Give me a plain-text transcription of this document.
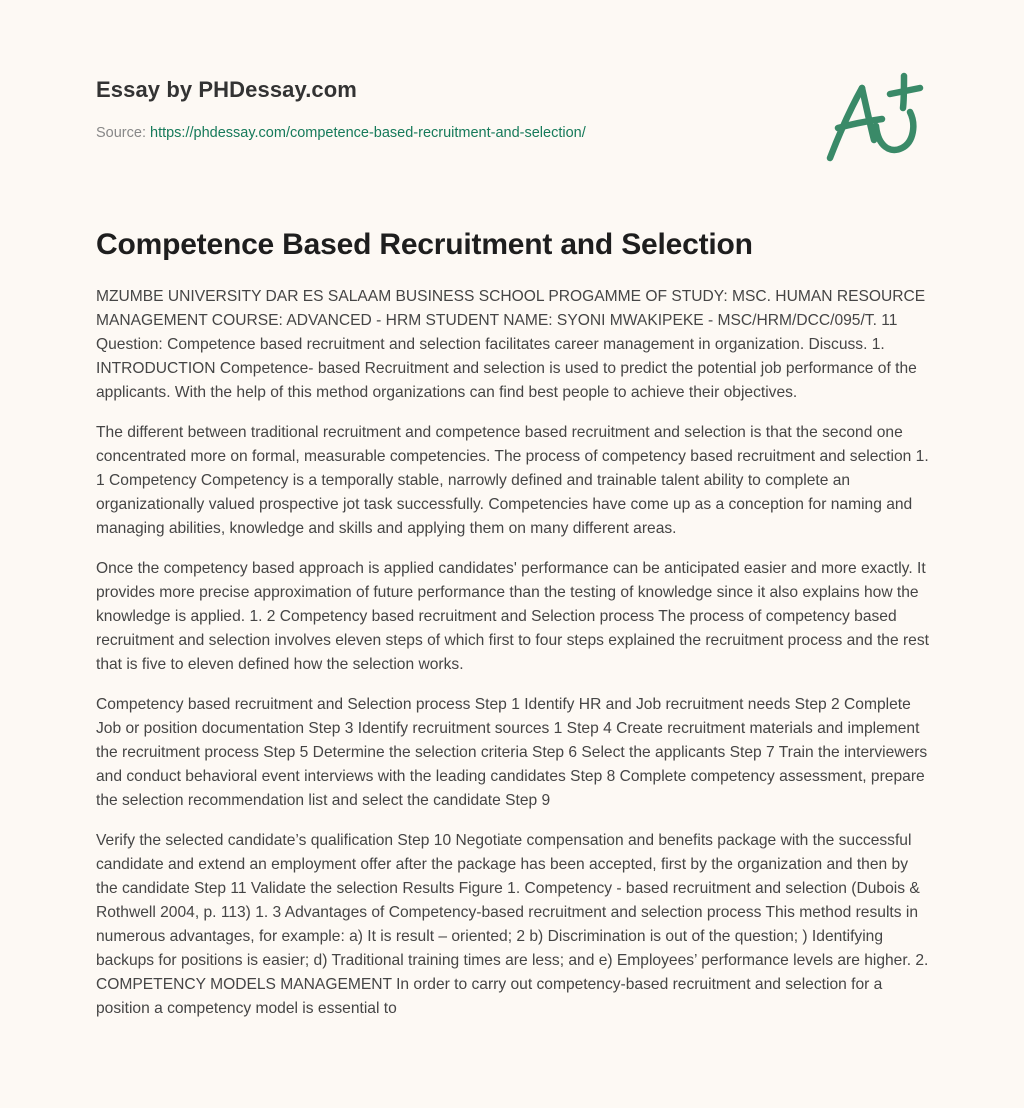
Essay by PHDessay.com
Source: https://phdessay.com/competence-based-recruitment-and-selection/
Competence Based Recruitment and Selection

MZUMBE UNIVERSITY DAR ES SALAAM BUSINESS SCHOOL PROGAMME OF STUDY: MSC. HUMAN RESOURCE MANAGEMENT COURSE: ADVANCED - HRM STUDENT NAME: SYONI MWAKIPEKE - MSC/HRM/DCC/095/T. 11 Question: Competence based recruitment and selection facilitates career management in organization. Discuss. 1. INTRODUCTION Competence- based Recruitment and selection is used to predict the potential job performance of the applicants. With the help of this method organizations can find best people to achieve their objectives.

The different between traditional recruitment and competence based recruitment and selection is that the second one concentrated more on formal, measurable competencies. The process of competency based recruitment and selection 1. 1 Competency Competency is a temporally stable, narrowly defined and trainable talent ability to complete an organizationally valued prospective jot task successfully. Competencies have come up as a conception for naming and managing abilities, knowledge and skills and applying them on many different areas.

Once the competency based approach is applied candidates' performance can be anticipated easier and more exactly. It provides more precise approximation of future performance than the testing of knowledge since it also explains how the knowledge is applied. 1. 2 Competency based recruitment and Selection process The process of competency based recruitment and selection involves eleven steps of which first to four steps explained the recruitment process and the rest that is five to eleven defined how the selection works.

Competency based recruitment and Selection process Step 1 Identify HR and Job recruitment needs Step 2 Complete Job or position documentation Step 3 Identify recruitment sources 1 Step 4 Create recruitment materials and implement the recruitment process Step 5 Determine the selection criteria Step 6 Select the applicants Step 7 Train the interviewers and conduct behavioral event interviews with the leading candidates Step 8 Complete competency assessment, prepare the selection recommendation list and select the candidate Step 9

Verify the selected candidate’s qualification Step 10 Negotiate compensation and benefits package with the successful candidate and extend an employment offer after the package has been accepted, first by the organization and then by the candidate Step 11 Validate the selection Results Figure 1. Competency - based recruitment and selection (Dubois & Rothwell 2004, p. 113) 1. 3 Advantages of Competency-based recruitment and selection process This method results in numerous advantages, for example: a) It is result – oriented; 2 b) Discrimination is out of the question; ) Identifying backups for positions is easier; d) Traditional training times are less; and e) Employees’ performance levels are higher. 2. COMPETENCY MODELS MANAGEMENT In order to carry out competency-based recruitment and selection for a position a competency model is essential to
